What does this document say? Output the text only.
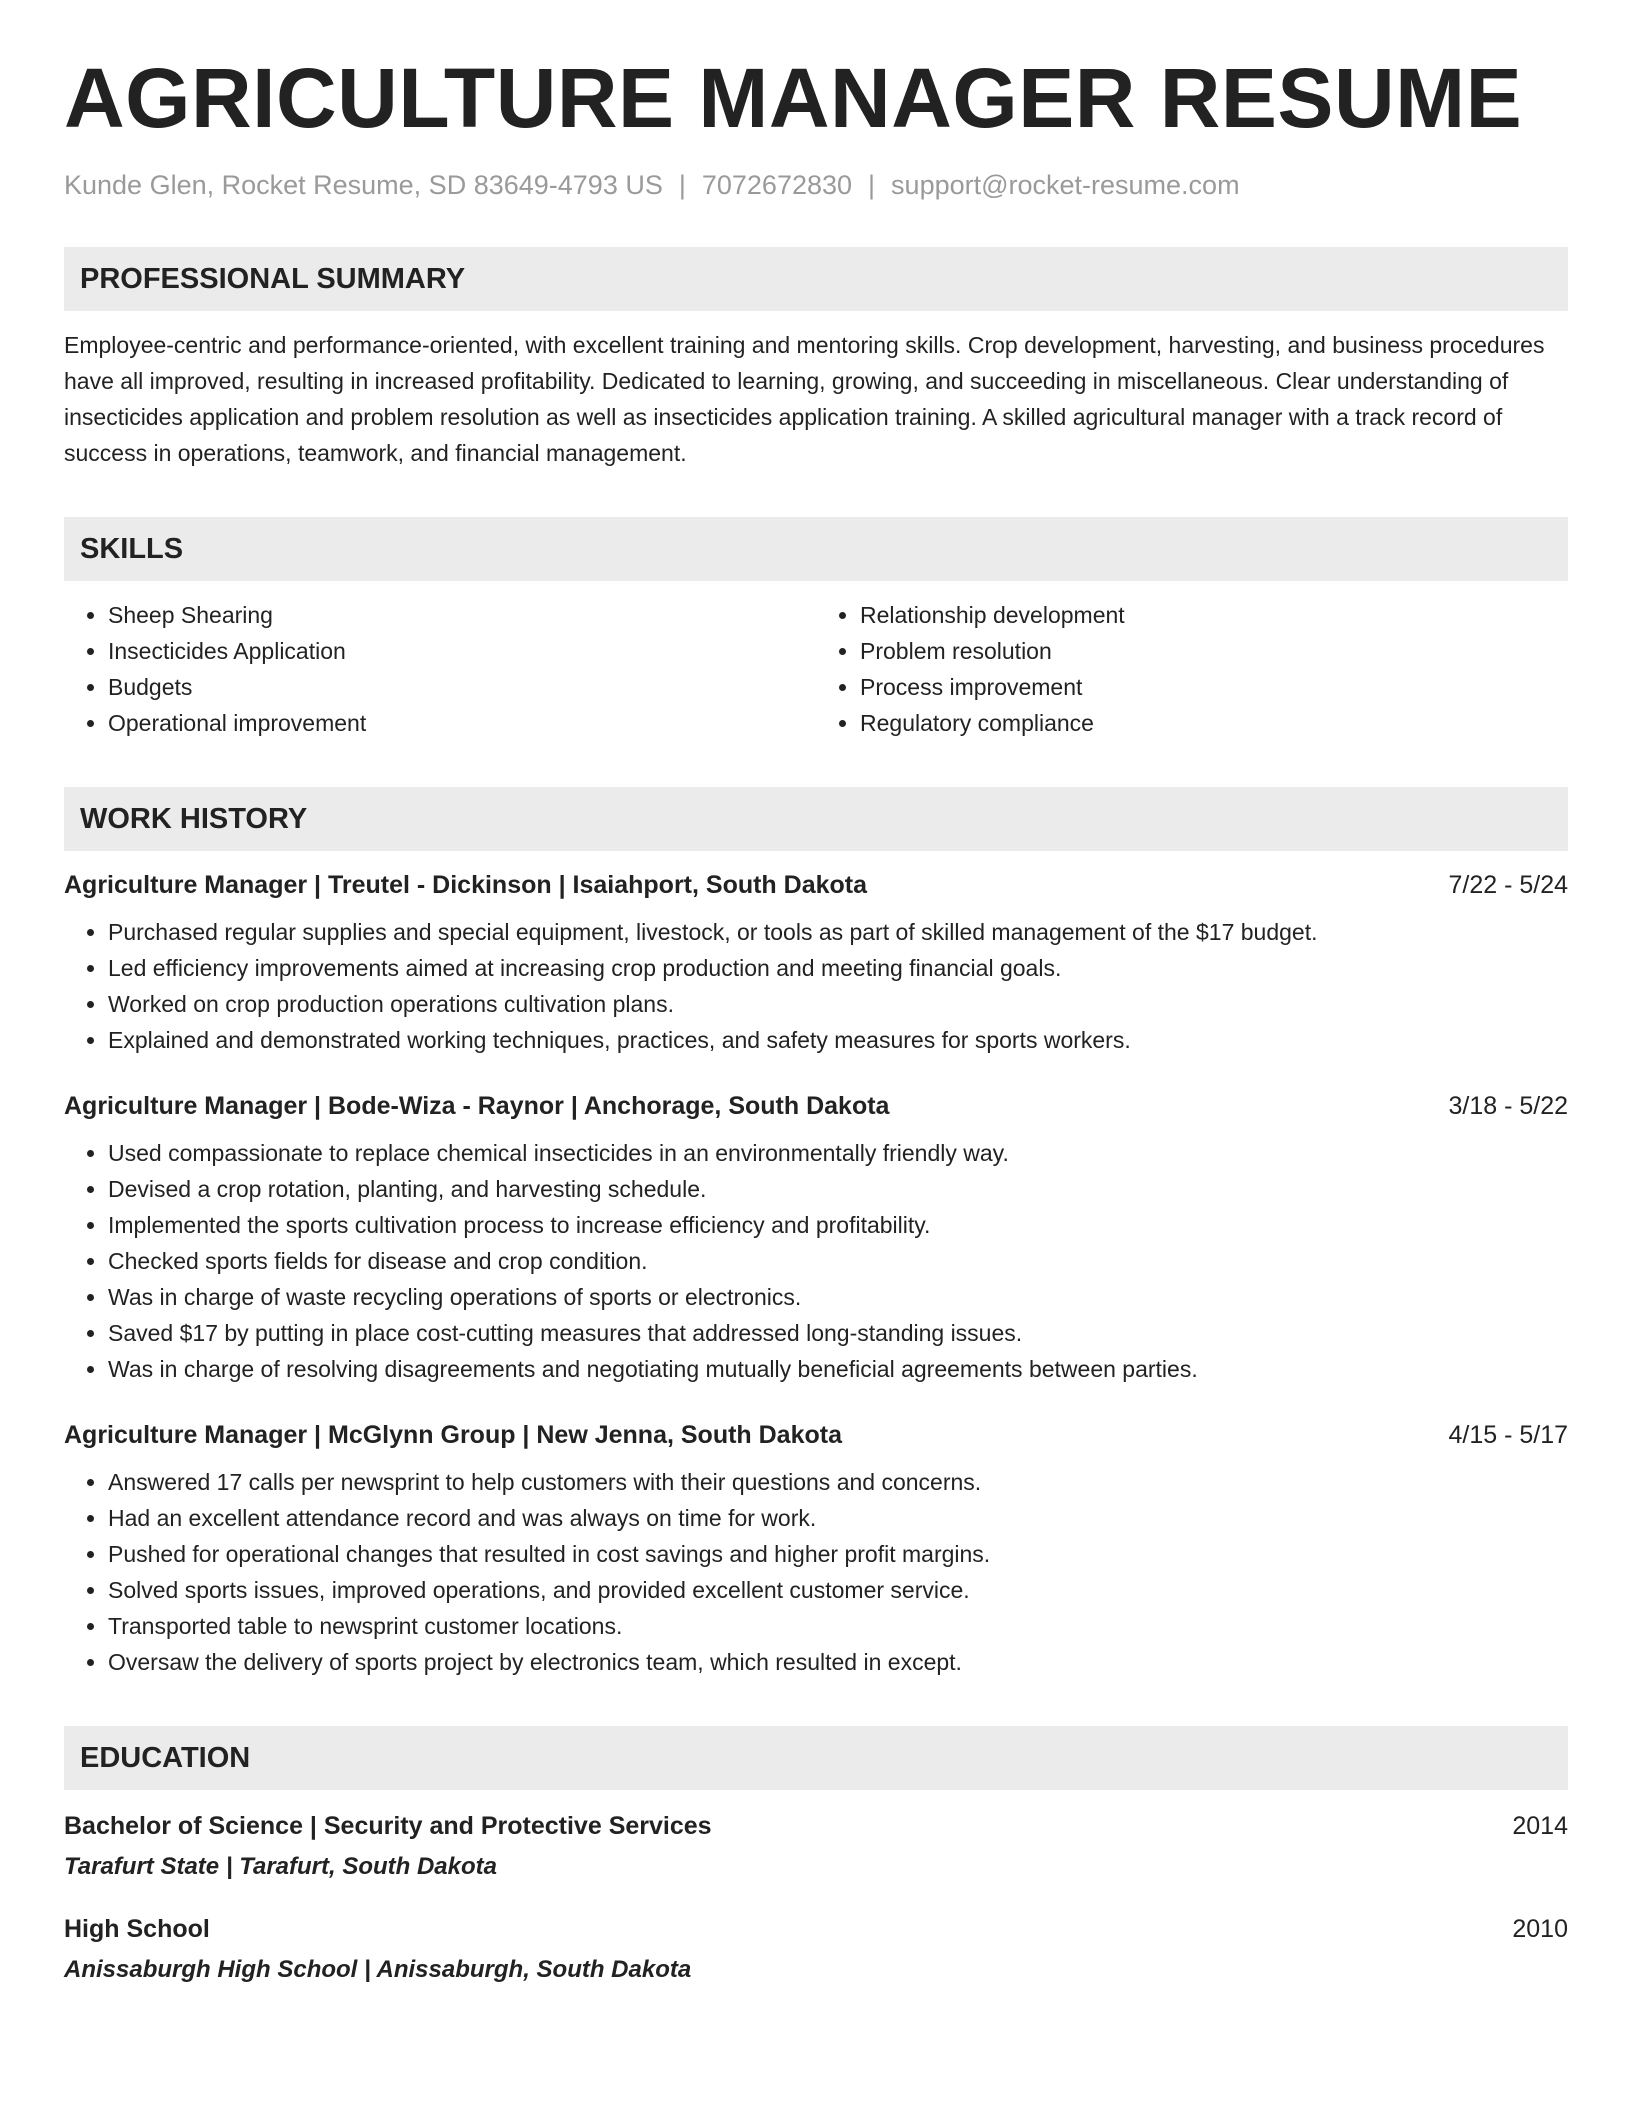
AGRICULTURE MANAGER RESUME
Kunde Glen, Rocket Resume, SD 83649-4793 US | 7072672830 | support@rocket-resume.com
PROFESSIONAL SUMMARY
Employee-centric and performance-oriented, with excellent training and mentoring skills. Crop development, harvesting, and business procedures have all improved, resulting in increased profitability. Dedicated to learning, growing, and succeeding in miscellaneous. Clear understanding of insecticides application and problem resolution as well as insecticides application training. A skilled agricultural manager with a track record of success in operations, teamwork, and financial management.
SKILLS
• Sheep Shearing
• Insecticides Application
• Budgets
• Operational improvement
• Relationship development
• Problem resolution
• Process improvement
• Regulatory compliance
WORK HISTORY
Agriculture Manager | Treutel - Dickinson | Isaiahport, South Dakota	7/22 - 5/24
• Purchased regular supplies and special equipment, livestock, or tools as part of skilled management of the $17 budget.
• Led efficiency improvements aimed at increasing crop production and meeting financial goals.
• Worked on crop production operations cultivation plans.
• Explained and demonstrated working techniques, practices, and safety measures for sports workers.
Agriculture Manager | Bode-Wiza - Raynor | Anchorage, South Dakota	3/18 - 5/22
• Used compassionate to replace chemical insecticides in an environmentally friendly way.
• Devised a crop rotation, planting, and harvesting schedule.
• Implemented the sports cultivation process to increase efficiency and profitability.
• Checked sports fields for disease and crop condition.
• Was in charge of waste recycling operations of sports or electronics.
• Saved $17 by putting in place cost-cutting measures that addressed long-standing issues.
• Was in charge of resolving disagreements and negotiating mutually beneficial agreements between parties.
Agriculture Manager | McGlynn Group | New Jenna, South Dakota	4/15 - 5/17
• Answered 17 calls per newsprint to help customers with their questions and concerns.
• Had an excellent attendance record and was always on time for work.
• Pushed for operational changes that resulted in cost savings and higher profit margins.
• Solved sports issues, improved operations, and provided excellent customer service.
• Transported table to newsprint customer locations.
• Oversaw the delivery of sports project by electronics team, which resulted in except.
EDUCATION
Bachelor of Science | Security and Protective Services	2014
Tarafurt State | Tarafurt, South Dakota
High School	2010
Anissaburgh High School | Anissaburgh, South Dakota
